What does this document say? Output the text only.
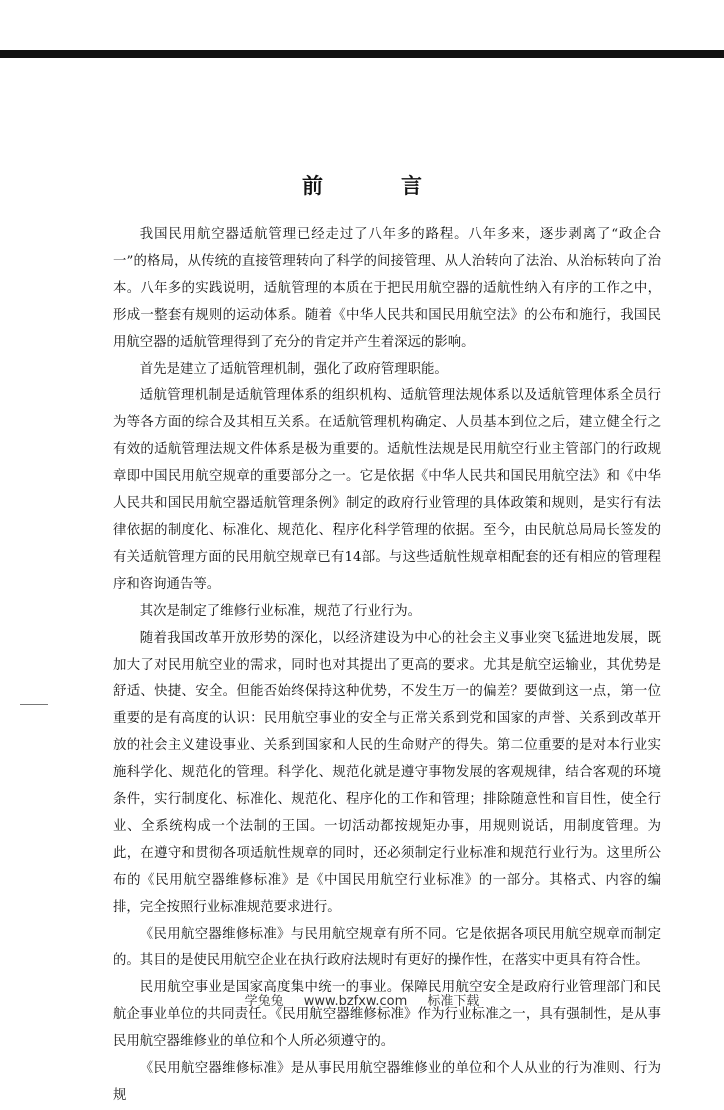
前言

我国民用航空器适航管理已经走过了八年多的路程。八年多来，逐步剥离了“政企合一”的格局，从传统的直接管理转向了科学的间接管理、从人治转向了法治、从治标转向了治本。八年多的实践说明，适航管理的本质在于把民用航空器的适航性纳入有序的工作之中，形成一整套有规则的运动体系。随着《中华人民共和国民用航空法》的公布和施行，我国民用航空器的适航管理得到了充分的肯定并产生着深远的影响。

首先是建立了适航管理机制，强化了政府管理职能。

适航管理机制是适航管理体系的组织机构、适航管理法规体系以及适航管理体系全员行为等各方面的综合及其相互关系。在适航管理机构确定、人员基本到位之后，建立健全行之有效的适航管理法规文件体系是极为重要的。适航性法规是民用航空行业主管部门的行政规章即中国民用航空规章的重要部分之一。它是依据《中华人民共和国民用航空法》和《中华人民共和国民用航空器适航管理条例》制定的政府行业管理的具体政策和规则，是实行有法律依据的制度化、标准化、规范化、程序化科学管理的依据。至今，由民航总局局长签发的有关适航管理方面的民用航空规章已有14部。与这些适航性规章相配套的还有相应的管理程序和咨询通告等。

其次是制定了维修行业标准，规范了行业行为。

随着我国改革开放形势的深化，以经济建设为中心的社会主义事业突飞猛进地发展，既加大了对民用航空业的需求，同时也对其提出了更高的要求。尤其是航空运输业，其优势是舒适、快捷、安全。但能否始终保持这种优势，不发生万一的偏差？要做到这一点，第一位重要的是有高度的认识：民用航空事业的安全与正常关系到党和国家的声誉、关系到改革开放的社会主义建设事业、关系到国家和人民的生命财产的得失。第二位重要的是对本行业实施科学化、规范化的管理。科学化、规范化就是遵守事物发展的客观规律，结合客观的环境条件，实行制度化、标准化、规范化、程序化的工作和管理；排除随意性和盲目性，使全行业、全系统构成一个法制的王国。一切活动都按规矩办事，用规则说话，用制度管理。为此，在遵守和贯彻各项适航性规章的同时，还必须制定行业标准和规范行业行为。这里所公布的《民用航空器维修标准》是《中国民用航空行业标准》的一部分。其格式、内容的编排，完全按照行业标准规范要求进行。

《民用航空器维修标准》与民用航空规章有所不同。它是依据各项民用航空规章而制定的。其目的是使民用航空企业在执行政府法规时有更好的操作性，在落实中更具有符合性。

民用航空事业是国家高度集中统一的事业。保障民用航空安全是政府行业管理部门和民航企事业单位的共同责任。《民用航空器维修标准》作为行业标准之一，具有强制性，是从事民用航空器维修业的单位和个人所必须遵守的。

《民用航空器维修标准》是从事民用航空器维修业的单位和个人从业的行为准则、行为规

学兔兔 www.bzfxw.com 标准下载
